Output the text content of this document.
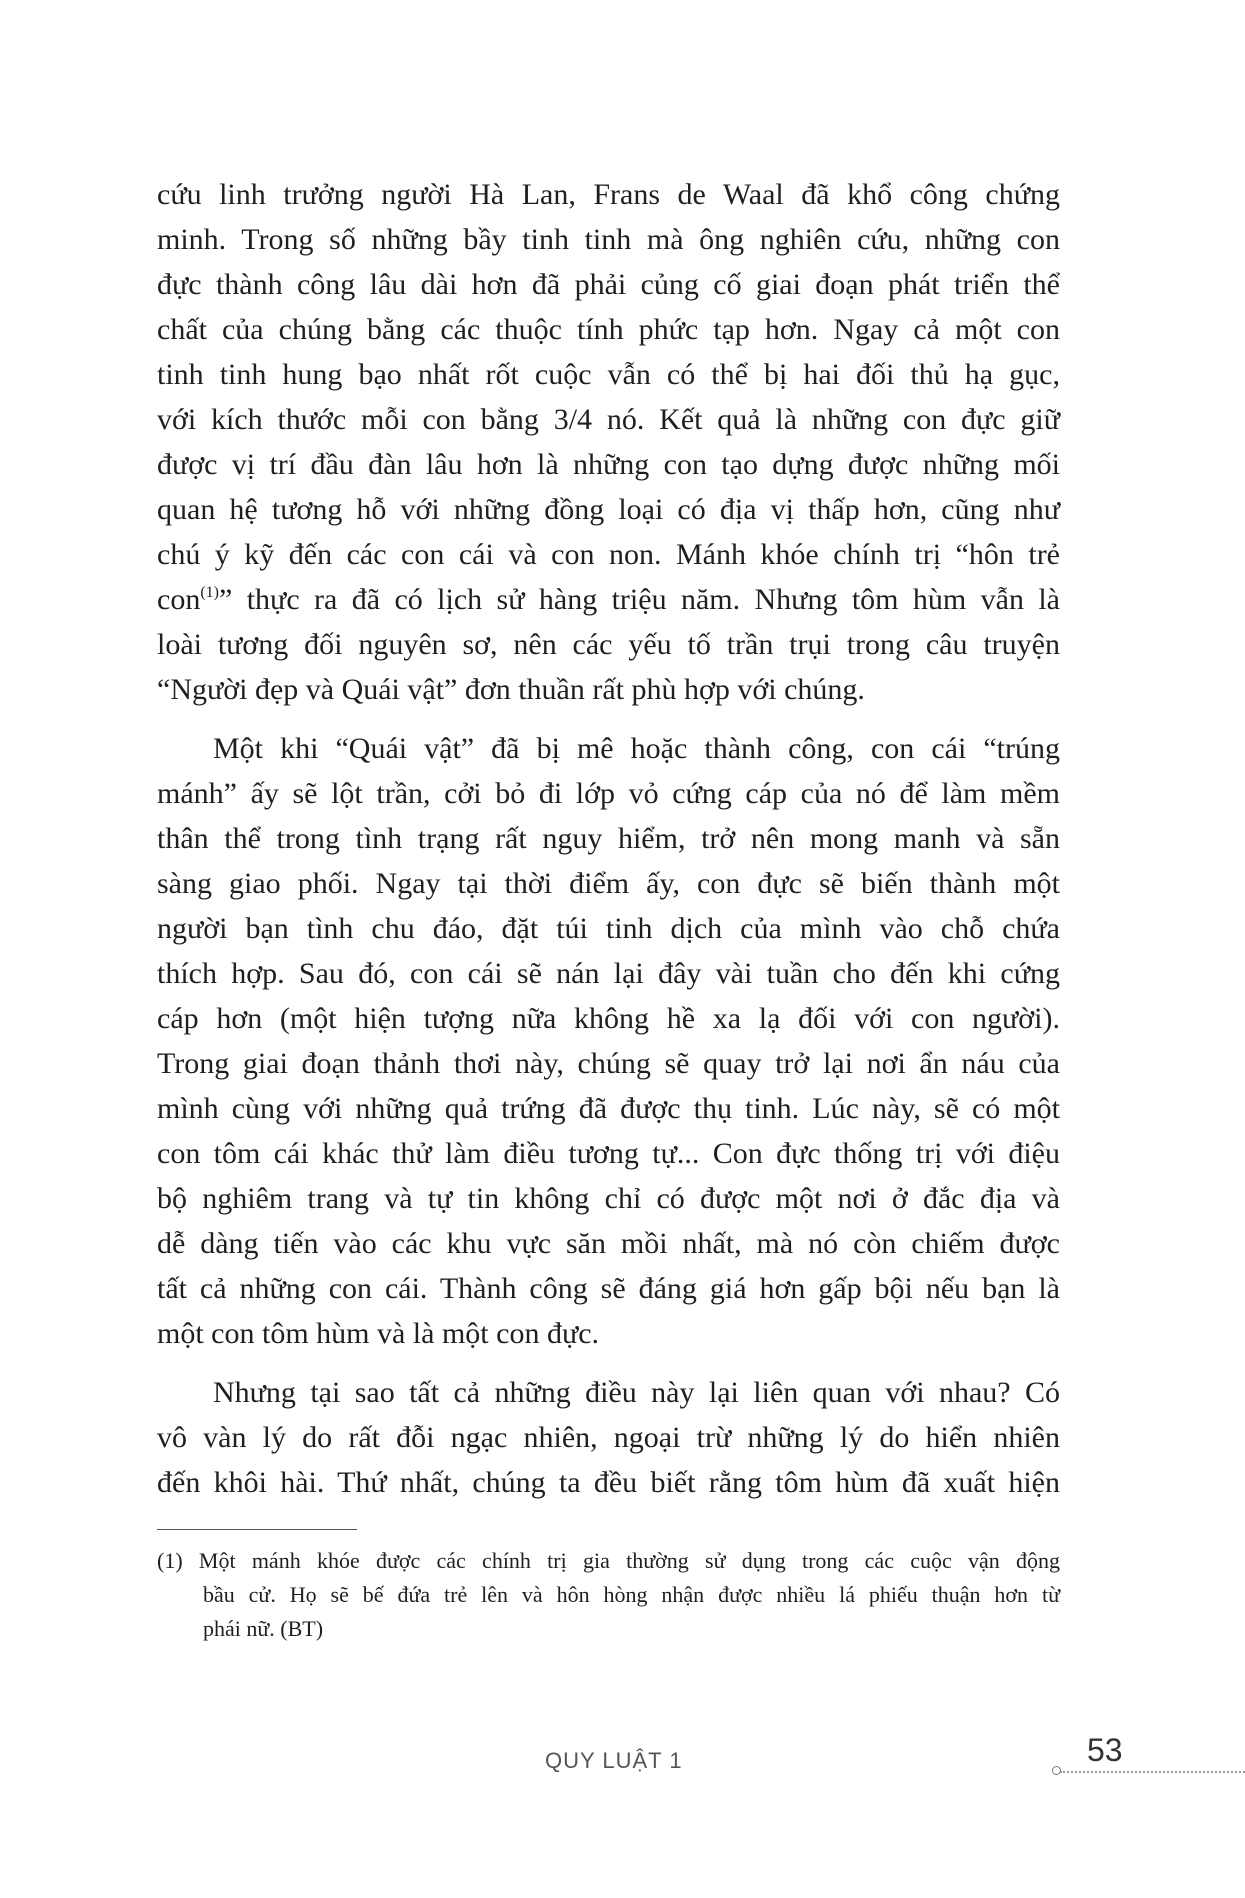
cứu linh trưởng người Hà Lan, Frans de Waal đã khổ công chứng
minh. Trong số những bầy tinh tinh mà ông nghiên cứu, những con
đực thành công lâu dài hơn đã phải củng cố giai đoạn phát triển thể
chất của chúng bằng các thuộc tính phức tạp hơn. Ngay cả một con
tinh tinh hung bạo nhất rốt cuộc vẫn có thể bị hai đối thủ hạ gục,
với kích thước mỗi con bằng 3/4 nó. Kết quả là những con đực giữ
được vị trí đầu đàn lâu hơn là những con tạo dựng được những mối
quan hệ tương hỗ với những đồng loại có địa vị thấp hơn, cũng như
chú ý kỹ đến các con cái và con non. Mánh khóe chính trị “hôn trẻ
con$^{(1)}$” thực ra đã có lịch sử hàng triệu năm. Nhưng tôm hùm vẫn là
loài tương đối nguyên sơ, nên các yếu tố trần trụi trong câu truyện
“Người đẹp và Quái vật” đơn thuần rất phù hợp với chúng.

Một khi “Quái vật” đã bị mê hoặc thành công, con cái “trúng
mánh” ấy sẽ lột trần, cởi bỏ đi lớp vỏ cứng cáp của nó để làm mềm
thân thể trong tình trạng rất nguy hiểm, trở nên mong manh và sẵn
sàng giao phối. Ngay tại thời điểm ấy, con đực sẽ biến thành một
người bạn tình chu đáo, đặt túi tinh dịch của mình vào chỗ chứa
thích hợp. Sau đó, con cái sẽ nán lại đây vài tuần cho đến khi cứng
cáp hơn (một hiện tượng nữa không hề xa lạ đối với con người).
Trong giai đoạn thảnh thơi này, chúng sẽ quay trở lại nơi ẩn náu của
mình cùng với những quả trứng đã được thụ tinh. Lúc này, sẽ có một
con tôm cái khác thử làm điều tương tự... Con đực thống trị với điệu
bộ nghiêm trang và tự tin không chỉ có được một nơi ở đắc địa và
dễ dàng tiến vào các khu vực săn mồi nhất, mà nó còn chiếm được
tất cả những con cái. Thành công sẽ đáng giá hơn gấp bội nếu bạn là
một con tôm hùm và là một con đực.

Nhưng tại sao tất cả những điều này lại liên quan với nhau? Có
vô vàn lý do rất đỗi ngạc nhiên, ngoại trừ những lý do hiển nhiên
đến khôi hài. Thứ nhất, chúng ta đều biết rằng tôm hùm đã xuất hiện

(1) Một mánh khóe được các chính trị gia thường sử dụng trong các cuộc vận động
bầu cử. Họ sẽ bế đứa trẻ lên và hôn hòng nhận được nhiều lá phiếu thuận hơn từ
phái nữ. (BT)
QUY LUẬT 1	53
